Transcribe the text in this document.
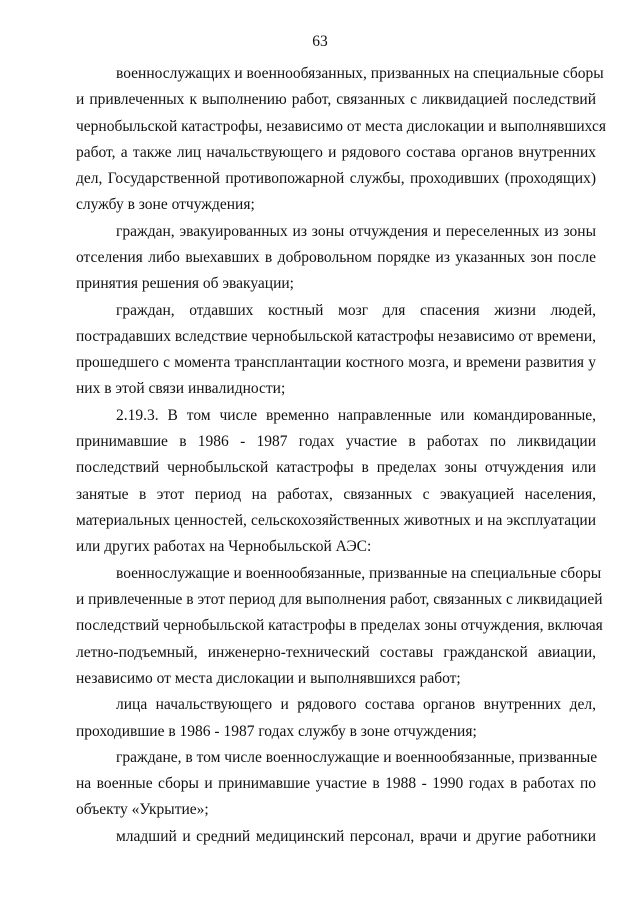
63
военнослужащих и военнообязанных, призванных на специальные сборы
и привлеченных к выполнению работ, связанных с ликвидацией последствий
чернобыльской катастрофы, независимо от места дислокации и выполнявшихся
работ, а также лиц начальствующего и рядового состава органов внутренних
дел, Государственной противопожарной службы, проходивших (проходящих)
службу в зоне отчуждения;
граждан, эвакуированных из зоны отчуждения и переселенных из зоны
отселения либо выехавших в добровольном порядке из указанных зон после
принятия решения об эвакуации;
граждан, отдавших костный мозг для спасения жизни людей,
пострадавших вследствие чернобыльской катастрофы независимо от времени,
прошедшего с момента трансплантации костного мозга, и времени развития у
них в этой связи инвалидности;
2.19.3. В том числе временно направленные или командированные,
принимавшие в 1986 - 1987 годах участие в работах по ликвидации
последствий чернобыльской катастрофы в пределах зоны отчуждения или
занятые в этот период на работах, связанных с эвакуацией населения,
материальных ценностей, сельскохозяйственных животных и на эксплуатации
или других работах на Чернобыльской АЭС:
военнослужащие и военнообязанные, призванные на специальные сборы
и привлеченные в этот период для выполнения работ, связанных с ликвидацией
последствий чернобыльской катастрофы в пределах зоны отчуждения, включая
летно-подъемный, инженерно-технический составы гражданской авиации,
независимо от места дислокации и выполнявшихся работ;
лица начальствующего и рядового состава органов внутренних дел,
проходившие в 1986 - 1987 годах службу в зоне отчуждения;
граждане, в том числе военнослужащие и военнообязанные, призванные
на военные сборы и принимавшие участие в 1988 - 1990 годах в работах по
объекту «Укрытие»;
младший и средний медицинский персонал, врачи и другие работники
